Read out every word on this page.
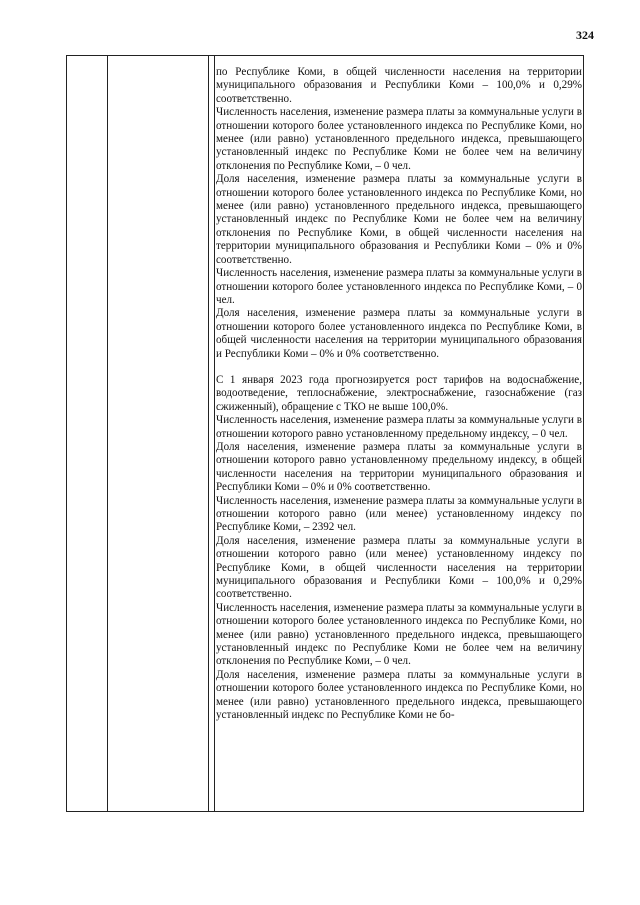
324

по Республике Коми, в общей численности населения на территории муниципального образования и Республики Коми – 100,0% и 0,29% соответственно.

Численность населения, изменение размера платы за коммунальные услуги в отношении которого более установленного индекса по Республике Коми, но менее (или равно) установленного предельного индекса, превышающего установленный индекс по Республике Коми не более чем на величину отклонения по Республике Коми, – 0 чел.

Доля населения, изменение размера платы за коммунальные услуги в отношении которого более установленного индекса по Республике Коми, но менее (или равно) установленного предельного индекса, превышающего установленный индекс по Республике Коми не более чем на величину отклонения по Республике Коми, в общей численности населения на территории муниципального образования и Республики Коми – 0% и 0% соответственно.

Численность населения, изменение размера платы за коммунальные услуги в отношении которого более установленного индекса по Республике Коми, – 0 чел.

Доля населения, изменение размера платы за коммунальные услуги в отношении которого более установленного индекса по Республике Коми, в общей численности населения на территории муниципального образования и Республики Коми – 0% и 0% соответственно.

С 1 января 2023 года прогнозируется рост тарифов на водоснабжение, водоотведение, теплоснабжение, электроснабжение, газоснабжение (газ сжиженный), обращение с ТКО не выше 100,0%.

Численность населения, изменение размера платы за коммунальные услуги в отношении которого равно установленному предельному индексу, – 0 чел.

Доля населения, изменение размера платы за коммунальные услуги в отношении которого равно установленному предельному индексу, в общей численности населения на территории муниципального образования и Республики Коми – 0% и 0% соответственно.

Численность населения, изменение размера платы за коммунальные услуги в отношении которого равно (или менее) установленному индексу по Республике Коми, – 2392 чел.

Доля населения, изменение размера платы за коммунальные услуги в отношении которого равно (или менее) установленному индексу по Республике Коми, в общей численности населения на территории муниципального образования и Республики Коми – 100,0% и 0,29% соответственно.

Численность населения, изменение размера платы за коммунальные услуги в отношении которого более установленного индекса по Республике Коми, но менее (или равно) установленного предельного индекса, превышающего установленный индекс по Республике Коми не более чем на величину отклонения по Республике Коми, – 0 чел.

Доля населения, изменение размера платы за коммунальные услуги в отношении которого более установленного индекса по Республике Коми, но менее (или равно) установленного предельного индекса, превышающего установленный индекс по Республике Коми не бо-
